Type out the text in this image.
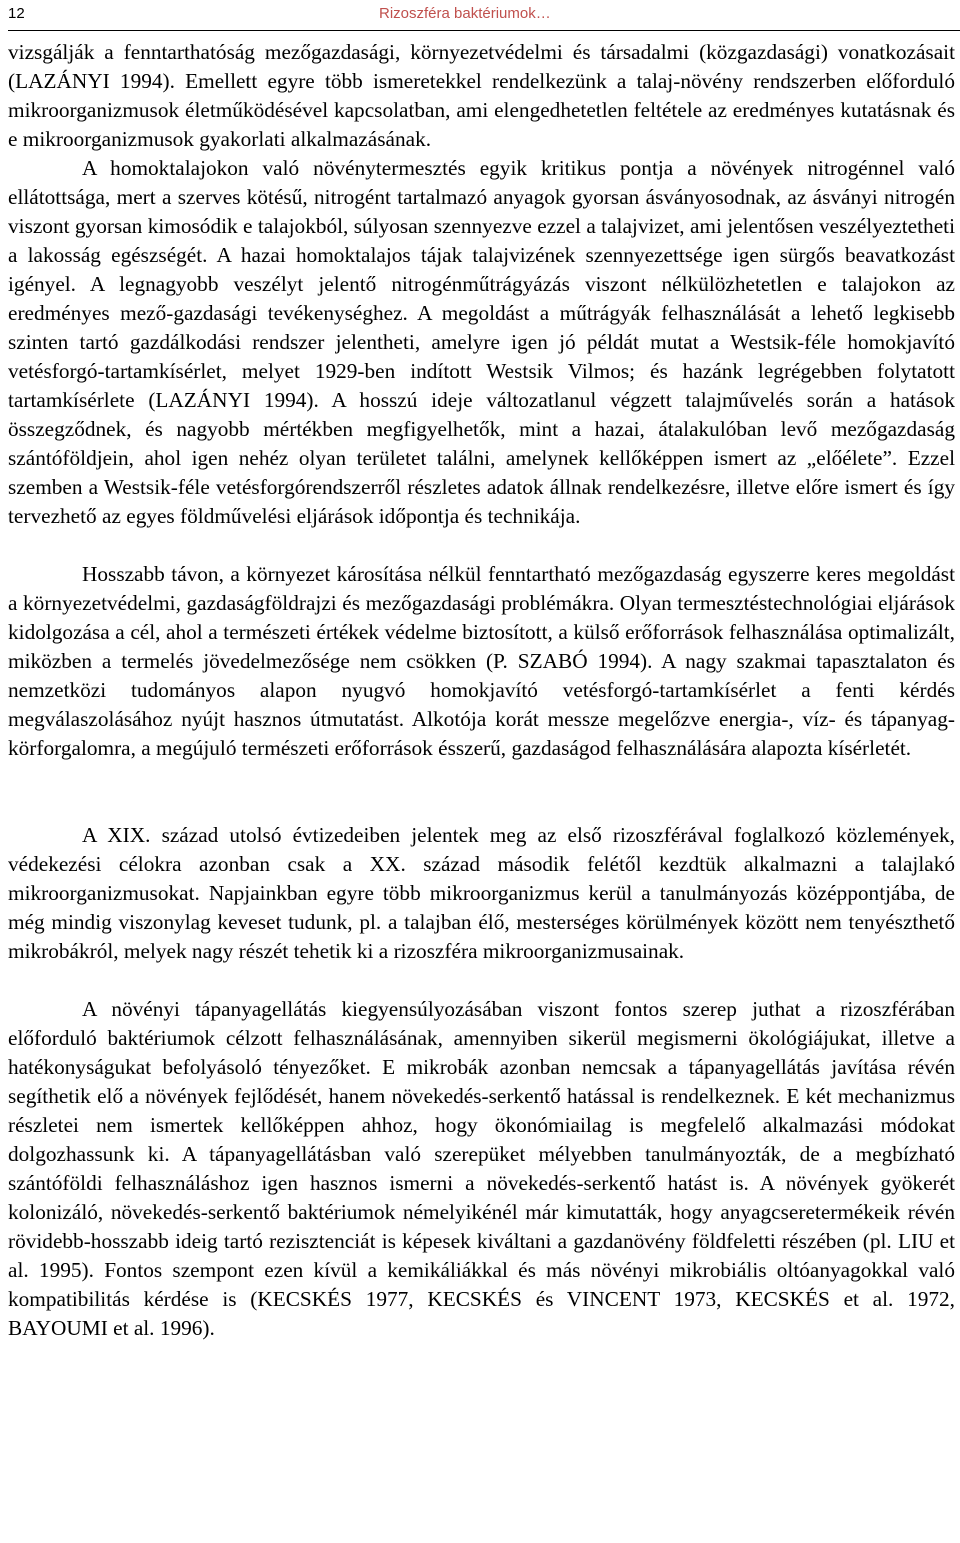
12	Rizoszféra baktériumok…

vizsgálják a fenntarthatóság mezőgazdasági, környezetvédelmi és társadalmi (közgazdasági) vonatkozásait (LAZÁNYI 1994). Emellett egyre több ismeretekkel rendelkezünk a talaj-növény rendszerben előforduló mikroorganizmusok életműködésével kapcsolatban, ami elengedhetetlen feltétele az eredményes kutatásnak és e mikroorganizmusok gyakorlati alkalmazásának.

A homoktalajokon való növénytermesztés egyik kritikus pontja a növények nitrogénnel való ellátottsága, mert a szerves kötésű, nitrogént tartalmazó anyagok gyorsan ásványosodnak, az ásványi nitrogén viszont gyorsan kimosódik e talajokból, súlyosan szennyezve ezzel a talajvizet, ami jelentősen veszélyeztetheti a lakosság egészségét. A hazai homoktalajos tájak talajvizének szennyezettsége igen sürgős beavatkozást igényel. A legnagyobb veszélyt jelentő nitrogénműtrágyázás viszont nélkülözhetetlen e talajokon az eredményes mező-gazdasági tevékenységhez. A megoldást a műtrágyák felhasználását a lehető legkisebb szinten tartó gazdálkodási rendszer jelentheti, amelyre igen jó példát mutat a Westsik-féle homokjavító vetésforgó-tartamkísérlet, melyet 1929-ben indított Westsik Vilmos; és hazánk legrégebben folytatott tartamkísérlete (LAZÁNYI 1994). A hosszú ideje változatlanul végzett talajművelés során a hatások összegződnek, és nagyobb mértékben megfigyelhetők, mint a hazai, átalakulóban levő mezőgazdaság szántóföldjein, ahol igen nehéz olyan területet találni, amelynek kellőképpen ismert az „előélete”. Ezzel szemben a Westsik-féle vetésforgórendszerről részletes adatok állnak rendelkezésre, illetve előre ismert és így tervezhető az egyes földművelési eljárások időpontja és technikája.

Hosszabb távon, a környezet károsítása nélkül fenntartható mezőgazdaság egyszerre keres megoldást a környezetvédelmi, gazdaságföldrajzi és mezőgazdasági problémákra. Olyan termesztéstechnológiai eljárások kidolgozása a cél, ahol a természeti értékek védelme biztosított, a külső erőforrások felhasználása optimalizált, miközben a termelés jövedelmezősége nem csökken (P. SZABÓ 1994). A nagy szakmai tapasztalaton és nemzetközi tudományos alapon nyugvó homokjavító vetésforgó-tartamkísérlet a fenti kérdés megválaszolásához nyújt hasznos útmutatást. Alkotója korát messze megelőzve energia-, víz- és tápanyag-körforgalomra, a megújuló természeti erőforrások ésszerű, gazdaságod felhasználására alapozta kísérletét.

A XIX. század utolsó évtizedeiben jelentek meg az első rizoszférával foglalkozó közlemények, védekezési célokra azonban csak a XX. század második felétől kezdtük alkalmazni a talajlakó mikroorganizmusokat. Napjainkban egyre több mikroorganizmus kerül a tanulmányozás középpontjába, de még mindig viszonylag keveset tudunk, pl. a talajban élő, mesterséges körülmények között nem tenyészthető mikrobákról, melyek nagy részét tehetik ki a rizoszféra mikroorganizmusainak.

A növényi tápanyagellátás kiegyensúlyozásában viszont fontos szerep juthat a rizoszférában előforduló baktériumok célzott felhasználásának, amennyiben sikerül megismerni ökológiájukat, illetve a hatékonyságukat befolyásoló tényezőket. E mikrobák azonban nemcsak a tápanyagellátás javítása révén segíthetik elő a növények fejlődését, hanem növekedés-serkentő hatással is rendelkeznek. E két mechanizmus részletei nem ismertek kellőképpen ahhoz, hogy ökonómiailag is megfelelő alkalmazási módokat dolgozhassunk ki. A tápanyagellátásban való szerepüket mélyebben tanulmányozták, de a megbízható szántóföldi felhasználáshoz igen hasznos ismerni a növekedés-serkentő hatást is. A növények gyökerét kolonizáló, növekedés-serkentő baktériumok némelyikénél már kimutatták, hogy anyagcseretermékeik révén rövidebb-hosszabb ideig tartó rezisztenciát is képesek kiváltani a gazdanövény földfeletti részében (pl. LIU et al. 1995). Fontos szempont ezen kívül a kemikáliákkal és más növényi mikrobiális oltóanyagokkal való kompatibilitás kérdése is (KECSKÉS 1977, KECSKÉS és VINCENT 1973, KECSKÉS et al. 1972, BAYOUMI et al. 1996).
